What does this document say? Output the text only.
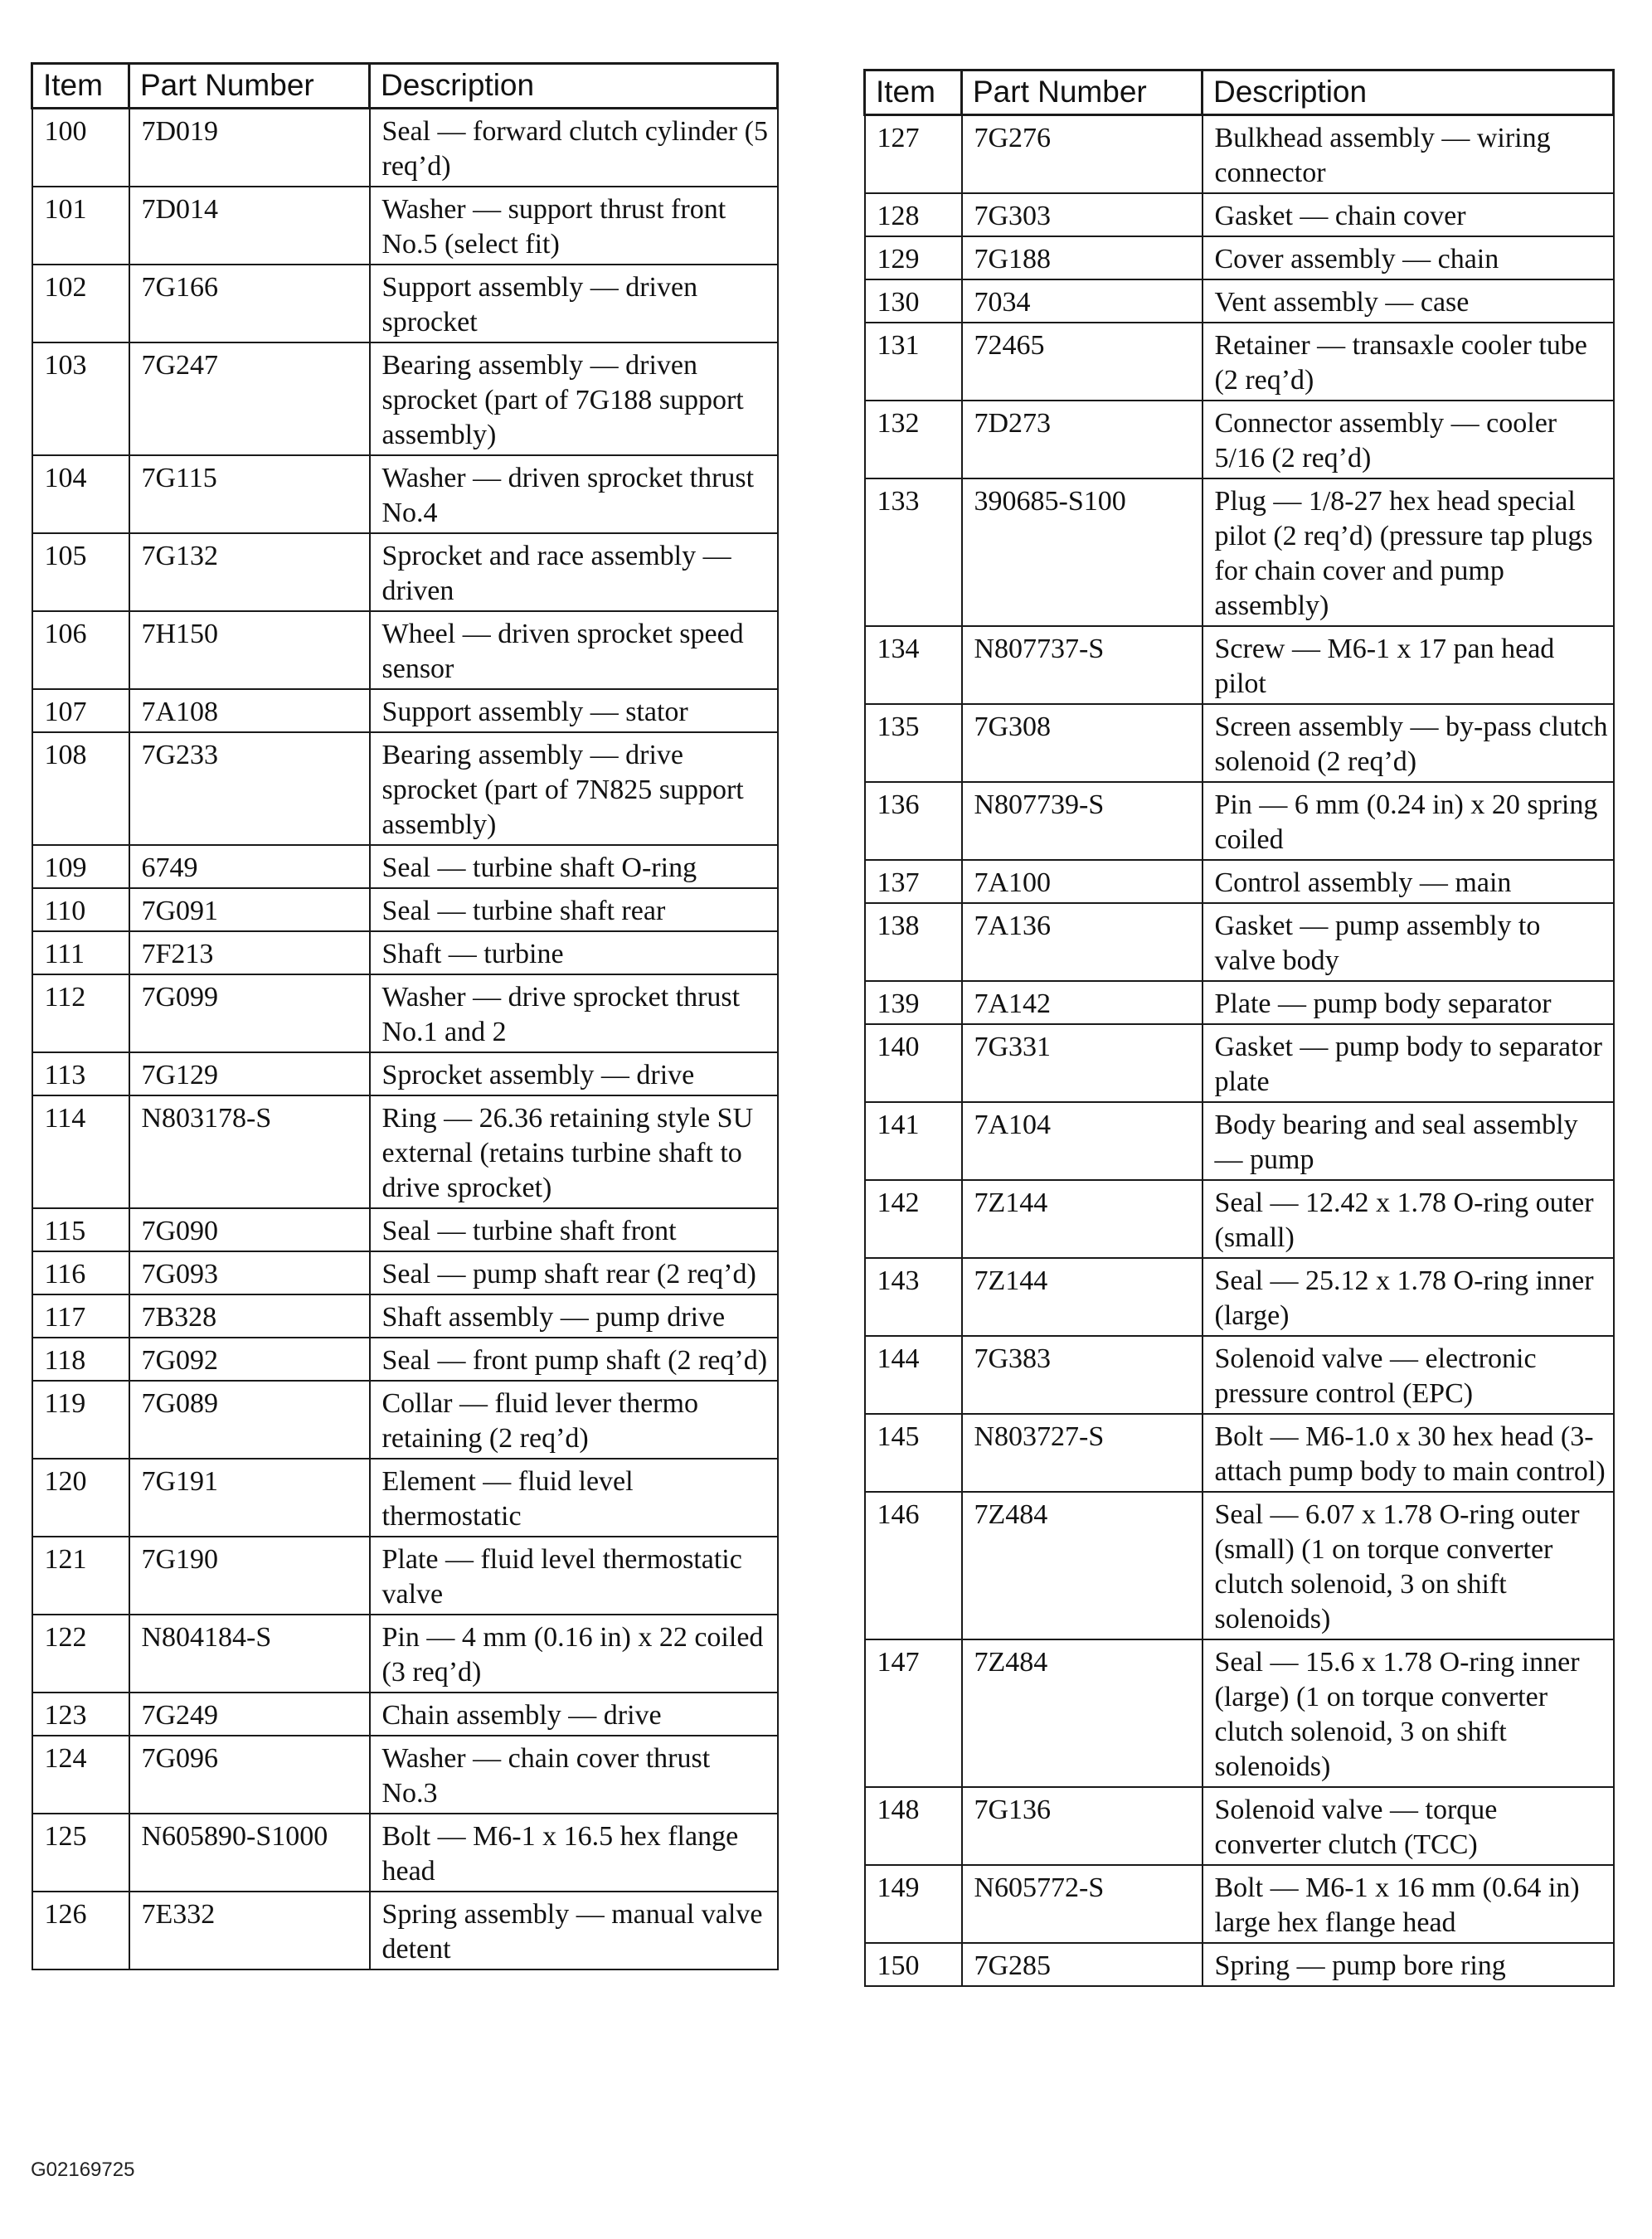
Item	Part Number	Description
100	7D019	Seal — forward clutch cylinder (5 req’d)
101	7D014	Washer — support thrust front No.5 (select fit)
102	7G166	Support assembly — driven sprocket
103	7G247	Bearing assembly — driven sprocket (part of 7G188 support assembly)
104	7G115	Washer — driven sprocket thrust No.4
105	7G132	Sprocket and race assembly — driven
106	7H150	Wheel — driven sprocket speed sensor
107	7A108	Support assembly — stator
108	7G233	Bearing assembly — drive sprocket (part of 7N825 support assembly)
109	6749	Seal — turbine shaft O-ring
110	7G091	Seal — turbine shaft rear
111	7F213	Shaft — turbine
112	7G099	Washer — drive sprocket thrust No.1 and 2
113	7G129	Sprocket assembly — drive
114	N803178-S	Ring — 26.36 retaining style SU external (retains turbine shaft to drive sprocket)
115	7G090	Seal — turbine shaft front
116	7G093	Seal — pump shaft rear (2 req’d)
117	7B328	Shaft assembly — pump drive
118	7G092	Seal — front pump shaft (2 req’d)
119	7G089	Collar — fluid lever thermo retaining (2 req’d)
120	7G191	Element — fluid level thermostatic
121	7G190	Plate — fluid level thermostatic valve
122	N804184-S	Pin — 4 mm (0.16 in) x 22 coiled (3 req’d)
123	7G249	Chain assembly — drive
124	7G096	Washer — chain cover thrust No.3
125	N605890-S1000	Bolt — M6-1 x 16.5 hex flange head
126	7E332	Spring assembly — manual valve detent
Item	Part Number	Description
127	7G276	Bulkhead assembly — wiring connector
128	7G303	Gasket — chain cover
129	7G188	Cover assembly — chain
130	7034	Vent assembly — case
131	72465	Retainer — transaxle cooler tube (2 req’d)
132	7D273	Connector assembly — cooler 5/16 (2 req’d)
133	390685-S100	Plug — 1/8-27 hex head special pilot (2 req’d) (pressure tap plugs for chain cover and pump assembly)
134	N807737-S	Screw — M6-1 x 17 pan head pilot
135	7G308	Screen assembly — by-pass clutch solenoid (2 req’d)
136	N807739-S	Pin — 6 mm (0.24 in) x 20 spring coiled
137	7A100	Control assembly — main
138	7A136	Gasket — pump assembly to valve body
139	7A142	Plate — pump body separator
140	7G331	Gasket — pump body to separator plate
141	7A104	Body bearing and seal assembly — pump
142	7Z144	Seal — 12.42 x 1.78 O-ring outer (small)
143	7Z144	Seal — 25.12 x 1.78 O-ring inner (large)
144	7G383	Solenoid valve — electronic pressure control (EPC)
145	N803727-S	Bolt — M6-1.0 x 30 hex head (3-attach pump body to main control)
146	7Z484	Seal — 6.07 x 1.78 O-ring outer (small) (1 on torque converter clutch solenoid, 3 on shift solenoids)
147	7Z484	Seal — 15.6 x 1.78 O-ring inner (large) (1 on torque converter clutch solenoid, 3 on shift solenoids)
148	7G136	Solenoid valve — torque converter clutch (TCC)
149	N605772-S	Bolt — M6-1 x 16 mm (0.64 in) large hex flange head
150	7G285	Spring — pump bore ring
G02169725
